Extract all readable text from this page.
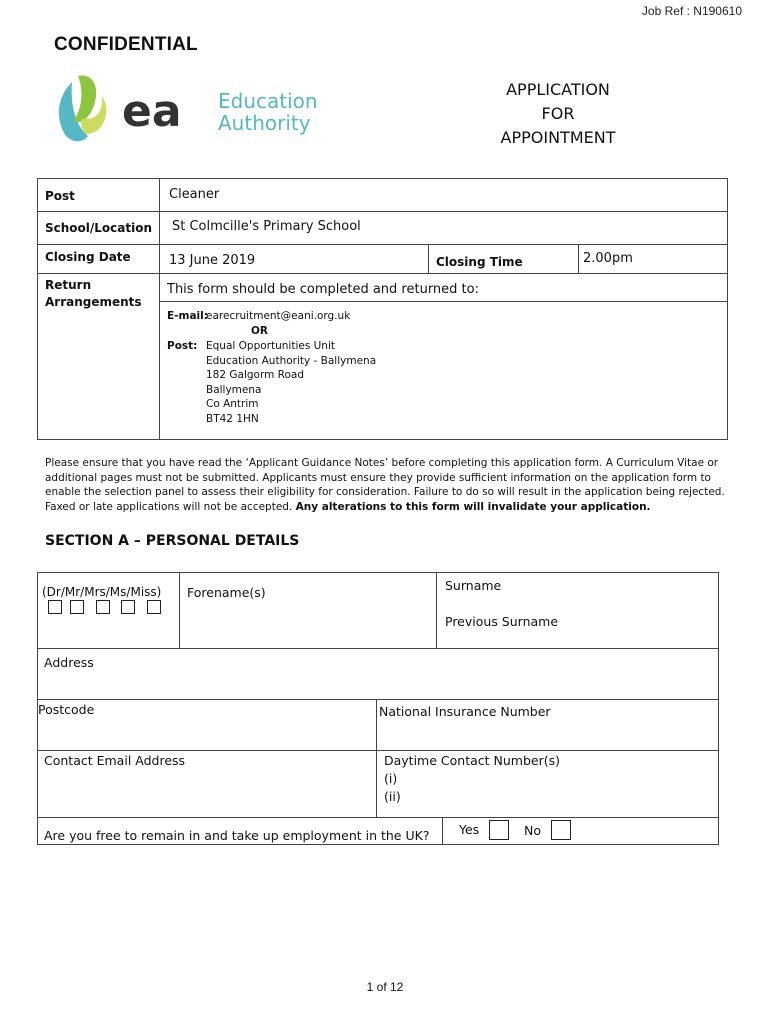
Job Ref : N190610
CONFIDENTIAL
ea Education
Authority
APPLICATION
FOR
APPOINTMENT
Post	Cleaner
School/Location St Colmcille's Primary School
Closing Date	13 June 2019	Closing Time	2.00pm
Return
Arrangements
This form should be completed and returned to:
E-mail:
earecruitment@eani.org.uk
OR
Post: Equal Opportunities Unit
Education Authority - Ballymena
182 Galgorm Road
Ballymena
Co Antrim
BT42 1HN
Please ensure that you have read the ‘Applicant Guidance Notes’ before completing this application form. A Curriculum Vitae or additional pages must not be submitted. Applicants must ensure they provide sufficient information on the application form to enable the selection panel to assess their eligibility for consideration. Failure to do so will result in the application being rejected. Faxed or late applications will not be accepted. Any alterations to this form will invalidate your application.
SECTION A – PERSONAL DETAILS
(Dr/Mr/Mrs/Ms/Miss) Forename(s)	Surname
Previous Surname
Address
Postcode	National Insurance Number
Contact Email Address	Daytime Contact Number(s)
(i)
(ii)
Are you free to remain in and take up employment in the UK? Yes	No
1 of 12
